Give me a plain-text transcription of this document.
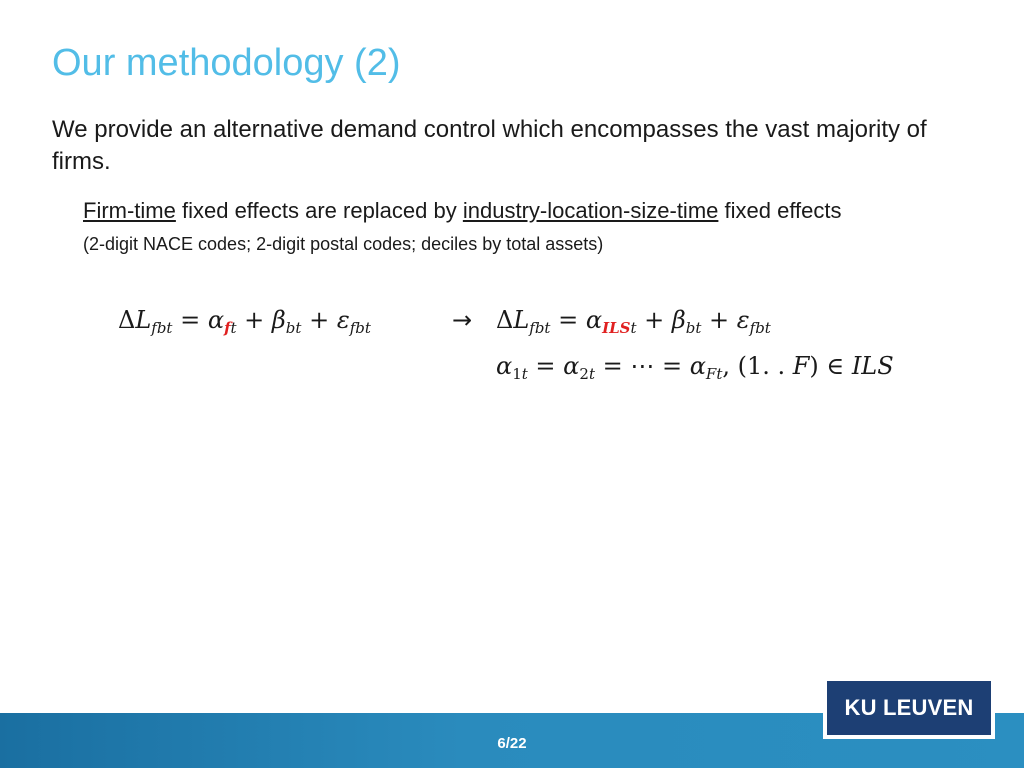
Our methodology (2)
We provide an alternative demand control which encompasses the vast majority of firms.
Firm-time fixed effects are replaced by industry-location-size-time fixed effects
(2-digit NACE codes; 2-digit postal codes; deciles by total assets)
$\Delta L_{fbt} = \alpha_{ft} + \beta_{bt} + \varepsilon_{fbt}$	→ $\Delta L_{fbt} = \alpha_{ILSt} + \beta_{bt} + \varepsilon_{fbt}$
$\alpha_{1t} = \alpha_{2t}$ = ⋯ = $\alpha_{Ft}$, (1. . F) ∈ ILS
6/22
KU LEUVEN
